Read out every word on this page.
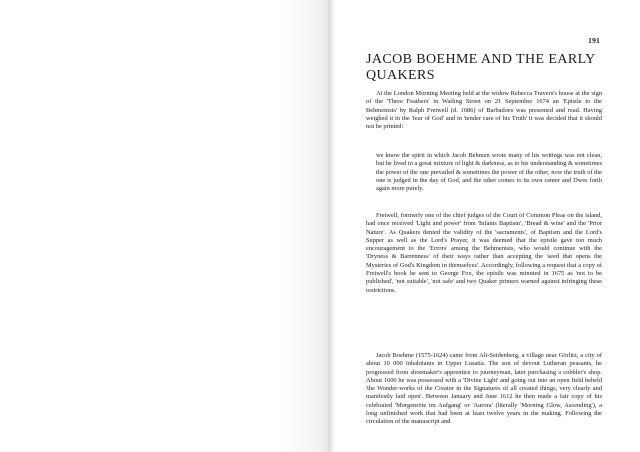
191
JACOB BOEHME AND THE EARLY QUAKERS

At the London Morning Meeting held at the widow Rebecca Travers's house at the sign of the 'Three Feathers' in Watling Street on 21 September 1674 an 'Epistle to the Behmenists' by Ralph Fretwell (d. 1686) of Barbadoes was presented and read. Having weighed it in the 'fear of God' and in 'tender care of his Truth' it was decided that it should not be printed:

we know the spirit in which Jacob Behmen wrote many of his writings was not clean, but he lived in a great mixture of light & darkness, as to his understanding & sometimes the power of the one prevailed & sometimes the power of the other, now the truth of the one is judged in the day of God, and the other comes to its own center and Dwes forth again more purely.

Fretwell, formerly one of the chief judges of the Court of Common Pleas on the island, had once received 'Light and power' from 'Infants Baptism', 'Bread & wine' and the 'Prior Nature'. As Quakers denied the validity of the 'sacraments', of Baptism and the Lord's Supper as well as the Lord's Prayer, it was deemed that the epistle gave too much encouragement to the 'Errors' among the Behmenists, who would continue with the 'Dryness & Barrenness' of their ways rather than accepting the 'seed that opens the Mysteries of God's Kingdom in themselves'. Accordingly, following a request that a copy of Fretwell's book be sent to George Fox, the epistle was minuted in 1675 as 'not to be published', 'not suitable', 'not safe' and two Quaker printers warned against infringing these restrictions.

Jacob Boehme (1575-1624) came from Alt-Seidenberg, a village near Görlitz, a city of about 10 000 inhabitants in Upper Lusatia. The son of devout Lutheran peasants, he progressed from shoemaker's apprentice to journeyman, later purchasing a cobbler's shop. About 1600 he was possessed with a 'Divine Light' and going out into an open field beheld 'the Wonder-works of the Creator in the Signatures of all created things, very clearly and manifestly laid open'. Between January and June 1612 he then made a fair copy of his celebrated 'Morgenröte im Aufgang' or 'Aurora' (literally 'Morning Glow, Ascending'), a long unfinished work that had been at least twelve years in the making. Following the circulation of the manuscript and
